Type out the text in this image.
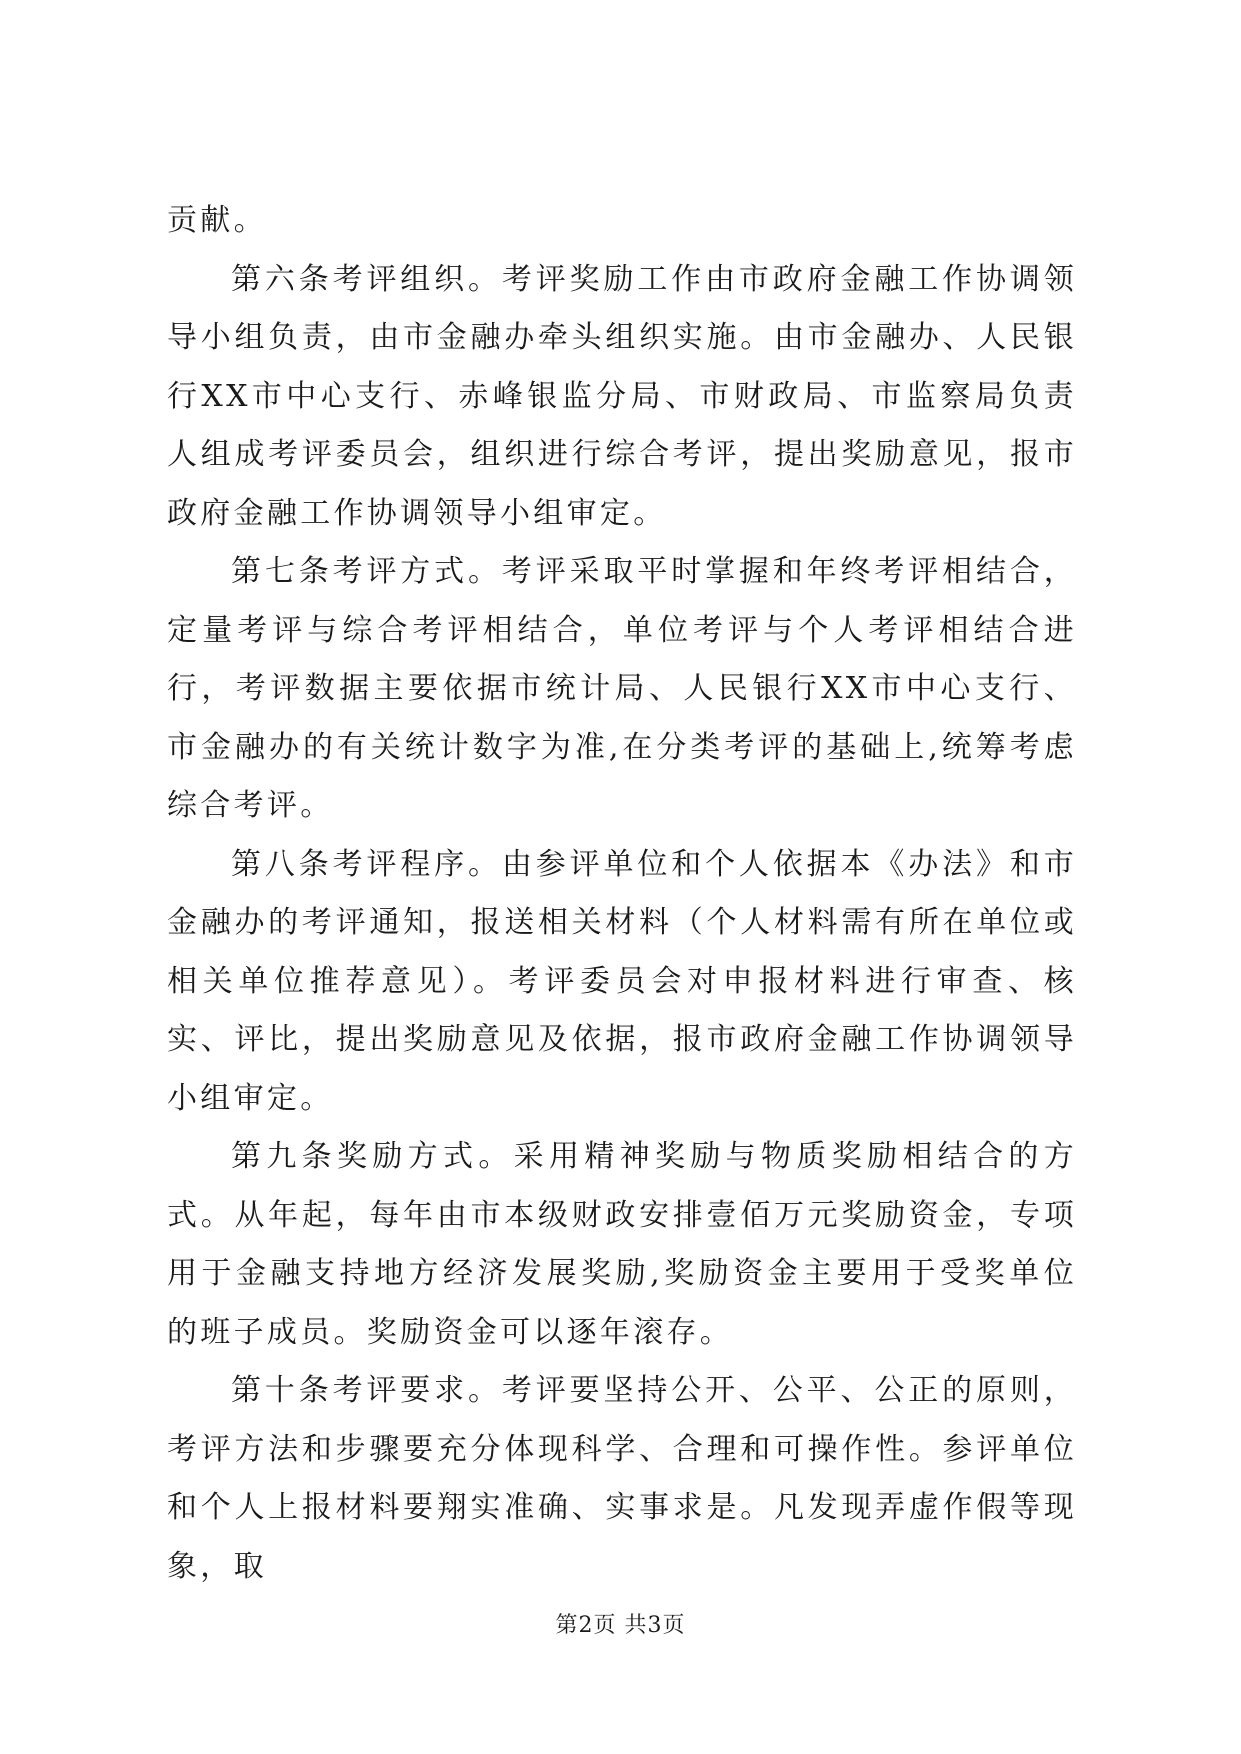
贡献。

第六条考评组织。考评奖励工作由市政府金融工作协调领导小组负责，由市金融办牵头组织实施。由市金融办、人民银行XX市中心支行、赤峰银监分局、市财政局、市监察局负责人组成考评委员会，组织进行综合考评，提出奖励意见，报市政府金融工作协调领导小组审定。

第七条考评方式。考评采取平时掌握和年终考评相结合，定量考评与综合考评相结合，单位考评与个人考评相结合进行，考评数据主要依据市统计局、人民银行XX市中心支行、市金融办的有关统计数字为准,在分类考评的基础上,统筹考虑综合考评。

第八条考评程序。由参评单位和个人依据本《办法》和市金融办的考评通知，报送相关材料（个人材料需有所在单位或相关单位推荐意见）。考评委员会对申报材料进行审查、核实、评比，提出奖励意见及依据，报市政府金融工作协调领导小组审定。

第九条奖励方式。采用精神奖励与物质奖励相结合的方式。从年起，每年由市本级财政安排壹佰万元奖励资金，专项用于金融支持地方经济发展奖励,奖励资金主要用于受奖单位的班子成员。奖励资金可以逐年滚存。

第十条考评要求。考评要坚持公开、公平、公正的原则，考评方法和步骤要充分体现科学、合理和可操作性。参评单位和个人上报材料要翔实准确、实事求是。凡发现弄虚作假等现象，取

第2页 共3页
